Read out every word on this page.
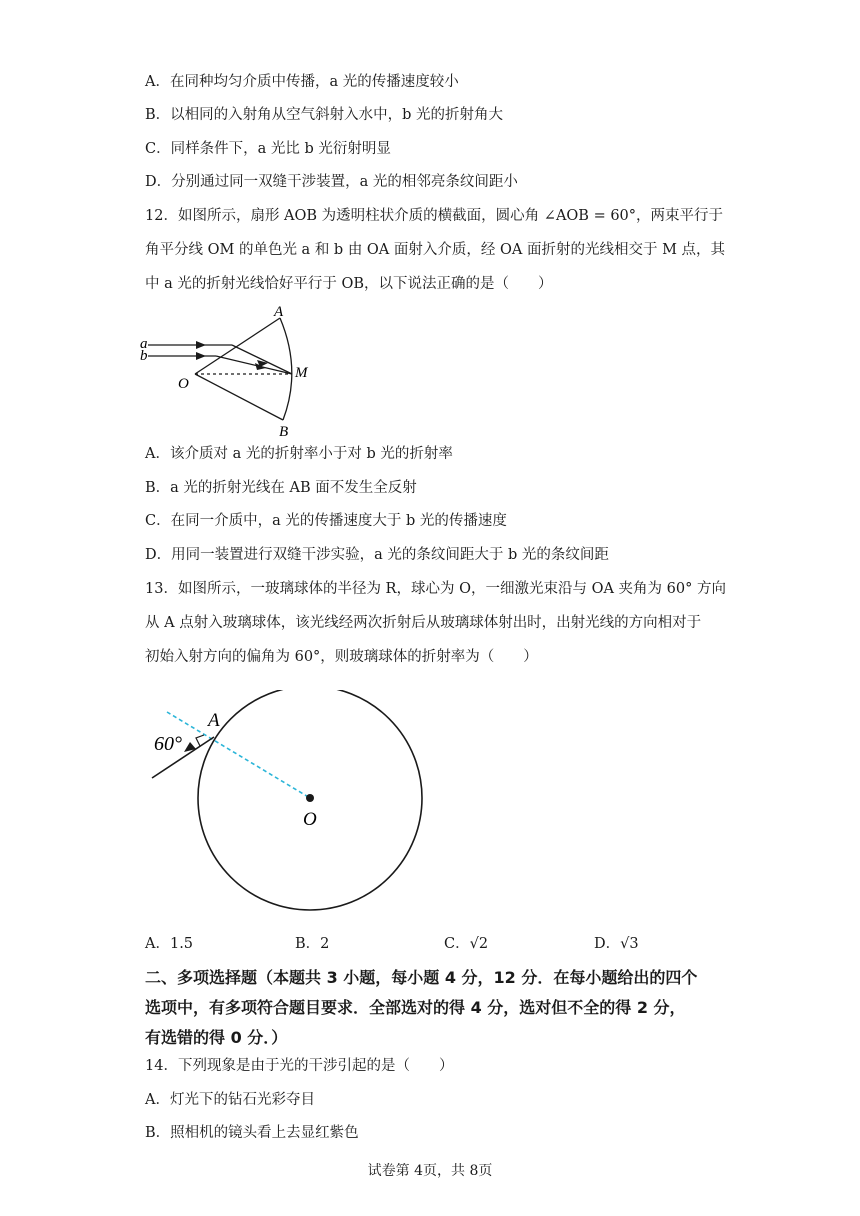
A．在同种均匀介质中传播，a 光的传播速度较小
B．以相同的入射角从空气斜射入水中，b 光的折射角大
C．同样条件下，a 光比 b 光衍射明显
D．分别通过同一双缝干涉装置，a 光的相邻亮条纹间距小
12．如图所示，扇形 AOB 为透明柱状介质的横截面，圆心角 ∠AOB = 60°，两束平行于
角平分线 OM 的单色光 a 和 b 由 OA 面射入介质，经 OA 面折射的光线相交于 M 点，其
中 a 光的折射光线恰好平行于 OB，以下说法正确的是（　　）
a
b
O
A
M
B
A．该介质对 a 光的折射率小于对 b 光的折射率
B．a 光的折射光线在 AB 面不发生全反射
C．在同一介质中，a 光的传播速度大于 b 光的传播速度
D．用同一装置进行双缝干涉实验，a 光的条纹间距大于 b 光的条纹间距
13．如图所示，一玻璃球体的半径为 R，球心为 O，一细激光束沿与 OA 夹角为 60° 方向
从 A 点射入玻璃球体，该光线经两次折射后从玻璃球体射出时，出射光线的方向相对于
初始入射方向的偏角为 60°，则玻璃球体的折射率为（　　）
60°
A
O
A．1.5	B．2	C．√2	D．√3
二、多项选择题（本题共 3 小题，每小题 4 分，12 分．在每小题给出的四个
选项中，有多项符合题目要求．全部选对的得 4 分，选对但不全的得 2 分，
有选错的得 0 分．）
14．下列现象是由于光的干涉引起的是（　　）
A．灯光下的钻石光彩夺目
B．照相机的镜头看上去显红紫色
试卷第 4页，共 8页
